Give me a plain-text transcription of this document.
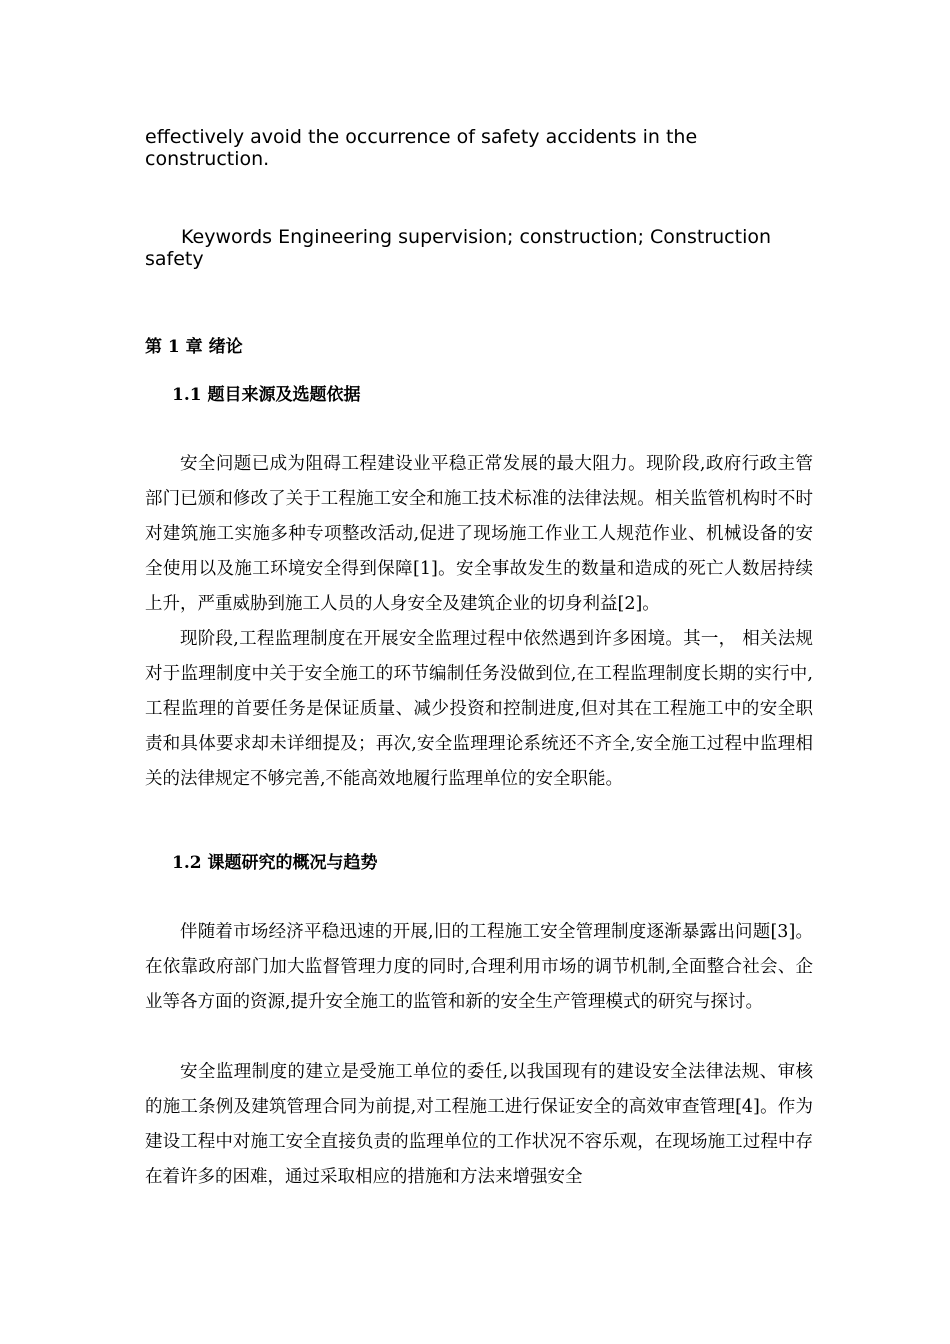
effectively avoid the occurrence of safety accidents in the construction.

Keywords Engineering supervision; construction; Construction safety

第 1 章 绪论
1.1 题目来源及选题依据

安全问题已成为阻碍工程建设业平稳正常发展的最大阻力。现阶段,政府行政主管部门已颁和修改了关于工程施工安全和施工技术标准的法律法规。相关监管机构时不时对建筑施工实施多种专项整改活动,促进了现场施工作业工人规范作业、机械设备的安全使用以及施工环境安全得到保障[1]。安全事故发生的数量和造成的死亡人数居持续上升，严重威胁到施工人员的人身安全及建筑企业的切身利益[2]。

现阶段,工程监理制度在开展安全监理过程中依然遇到许多困境。其一， 相关法规对于监理制度中关于安全施工的环节编制任务没做到位,在工程监理制度长期的实行中,工程监理的首要任务是保证质量、减少投资和控制进度,但对其在工程施工中的安全职责和具体要求却未详细提及；再次,安全监理理论系统还不齐全,安全施工过程中监理相关的法律规定不够完善,不能高效地履行监理单位的安全职能。

1.2 课题研究的概况与趋势

伴随着市场经济平稳迅速的开展,旧的工程施工安全管理制度逐渐暴露出问题[3]。在依靠政府部门加大监督管理力度的同时,合理利用市场的调节机制,全面整合社会、企业等各方面的资源,提升安全施工的监管和新的安全生产管理模式的研究与探讨。

安全监理制度的建立是受施工单位的委任,以我国现有的建设安全法律法规、审核的施工条例及建筑管理合同为前提,对工程施工进行保证安全的高效审查管理[4]。作为建设工程中对施工安全直接负责的监理单位的工作状况不容乐观，在现场施工过程中存在着许多的困难，通过采取相应的措施和方法来增强安全
